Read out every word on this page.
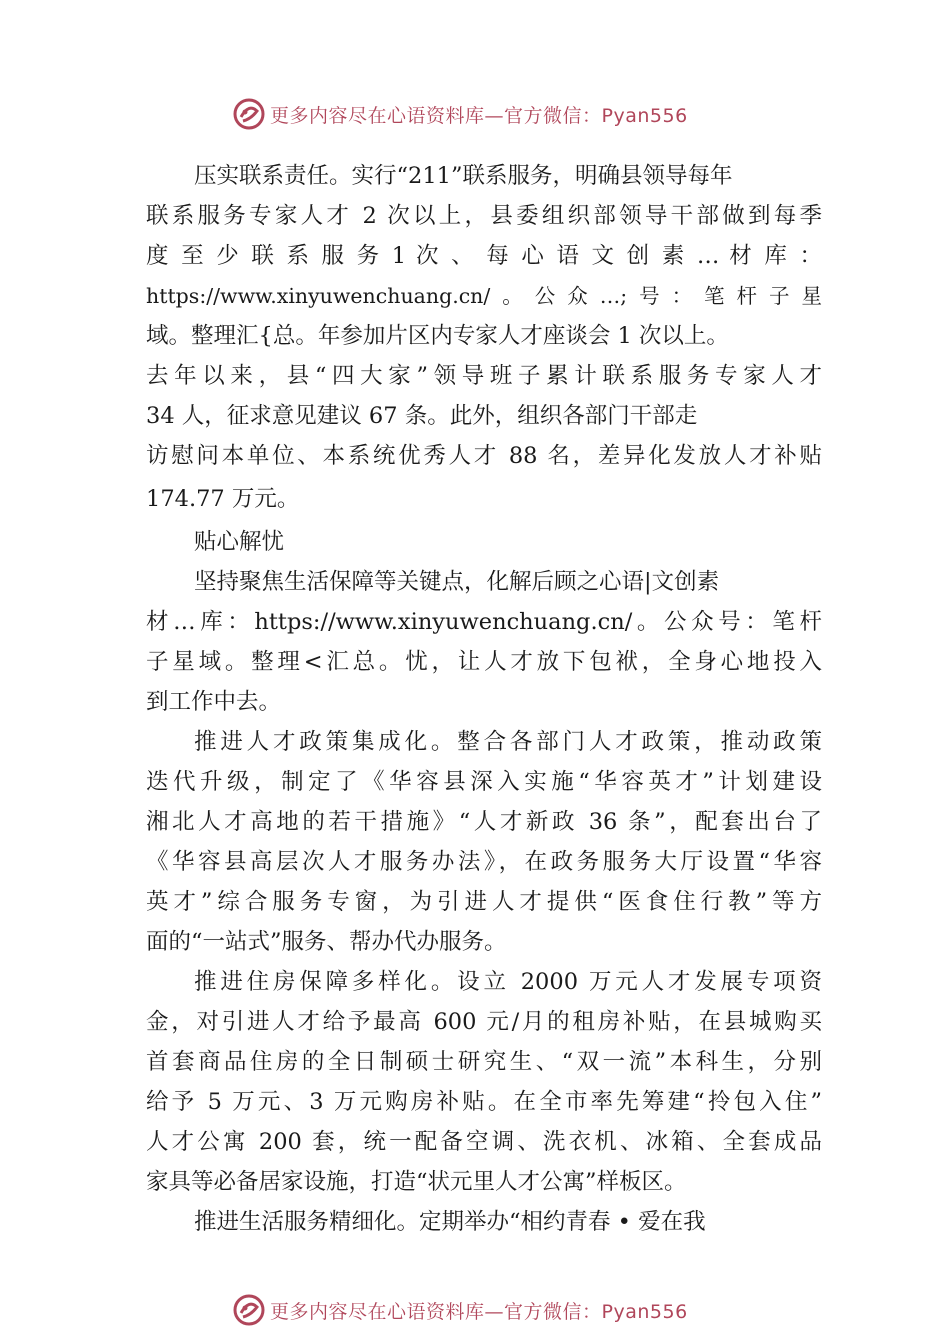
更多内容尽在心语资料库—官方微信：Pyan556
压实联系责任。实行“211”联系服务，明确县领导每年
联系服务专家人才 2 次以上，县委组织部领导干部做到每季
度 至 少 联 系 服 务 1 次 、 每 心 语 文 创 素 … 材 库 ：
https://www.xinyuwenchuang.cn/。公众…;号：笔杆子星
域。整理汇{总。年参加片区内专家人才座谈会 1 次以上。
去年以来，县“四大家”领导班子累计联系服务专家人才
34 人，征求意见建议 67 条。此外，组织各部门干部走
访慰问本单位、本系统优秀人才 88 名，差异化发放人才补贴
174.77 万元。
贴心解忧
坚持聚焦生活保障等关键点，化解后顾之心语|文创素
材…库：https://www.xinyuwenchuang.cn/。公众号：笔杆
子星域。整理<汇总。忧，让人才放下包袱，全身心地投入
到工作中去。
推进人才政策集成化。整合各部门人才政策，推动政策
迭代升级，制定了《华容县深入实施“华容英才”计划建设
湘北人才高地的若干措施》“人才新政 36 条”，配套出台了
《华容县高层次人才服务办法》，在政务服务大厅设置“华容
英才”综合服务专窗，为引进人才提供“医食住行教”等方
面的“一站式”服务、帮办代办服务。
推进住房保障多样化。设立 2000 万元人才发展专项资
金，对引进人才给予最高 600 元/月的租房补贴，在县城购买
首套商品住房的全日制硕士研究生、“双一流”本科生，分别
给予 5 万元、3 万元购房补贴。在全市率先筹建“拎包入住”
人才公寓 200 套，统一配备空调、洗衣机、冰箱、全套成品
家具等必备居家设施，打造“状元里人才公寓”样板区。
推进生活服务精细化。定期举办“相约青春 • 爱在我
更多内容尽在心语资料库—官方微信：Pyan556
